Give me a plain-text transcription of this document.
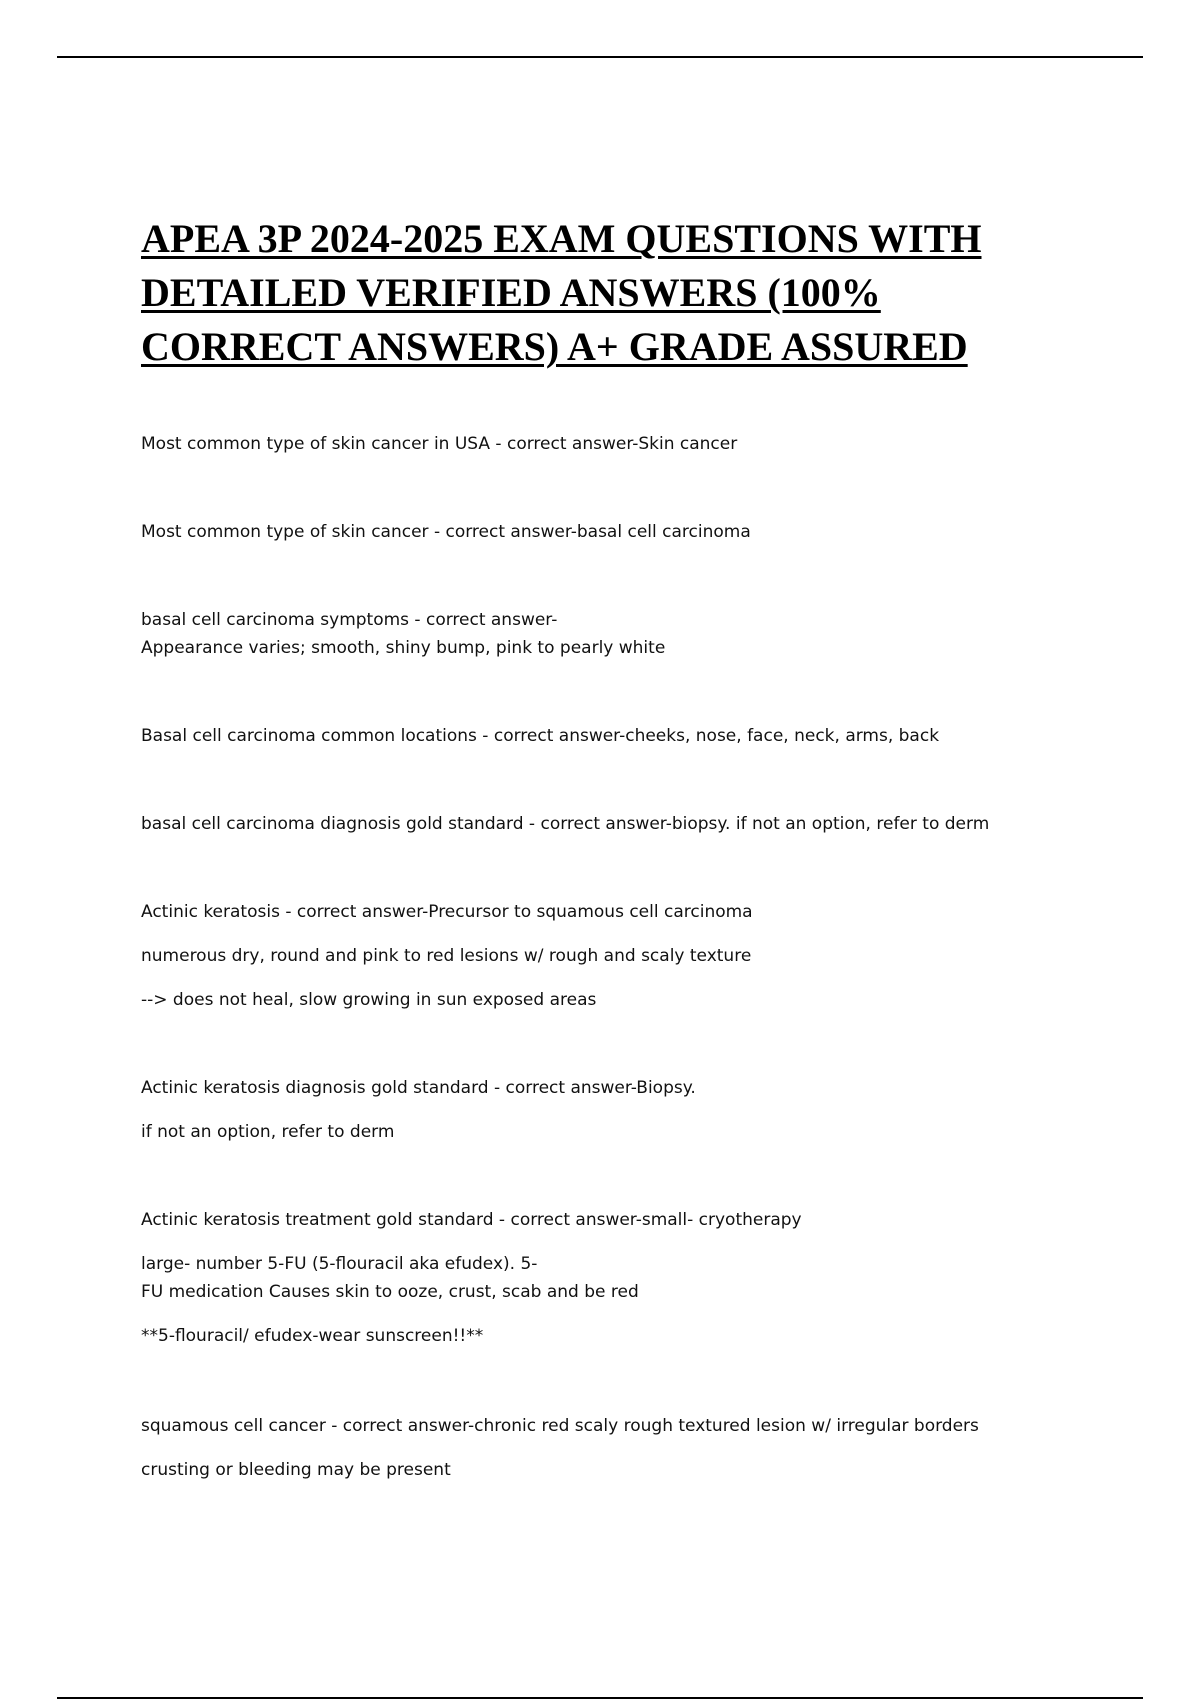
APEA 3P 2024-2025 EXAM QUESTIONS WITH
DETAILED VERIFIED ANSWERS (100%
CORRECT ANSWERS) A+ GRADE ASSURED
Most common type of skin cancer in USA - correct answer-Skin cancer
Most common type of skin cancer - correct answer-basal cell carcinoma
basal cell carcinoma symptoms - correct answer-
Appearance varies; smooth, shiny bump, pink to pearly white
Basal cell carcinoma common locations - correct answer-cheeks, nose, face, neck, arms, back
basal cell carcinoma diagnosis gold standard - correct answer-biopsy. if not an option, refer to derm
Actinic keratosis - correct answer-Precursor to squamous cell carcinoma
numerous dry, round and pink to red lesions w/ rough and scaly texture
--> does not heal, slow growing in sun exposed areas
Actinic keratosis diagnosis gold standard - correct answer-Biopsy.
if not an option, refer to derm
Actinic keratosis treatment gold standard - correct answer-small- cryotherapy
large- number 5-FU (5-flouracil aka efudex). 5-
FU medication Causes skin to ooze, crust, scab and be red
**5-flouracil/ efudex-wear sunscreen!!**
squamous cell cancer - correct answer-chronic red scaly rough textured lesion w/ irregular borders
crusting or bleeding may be present
